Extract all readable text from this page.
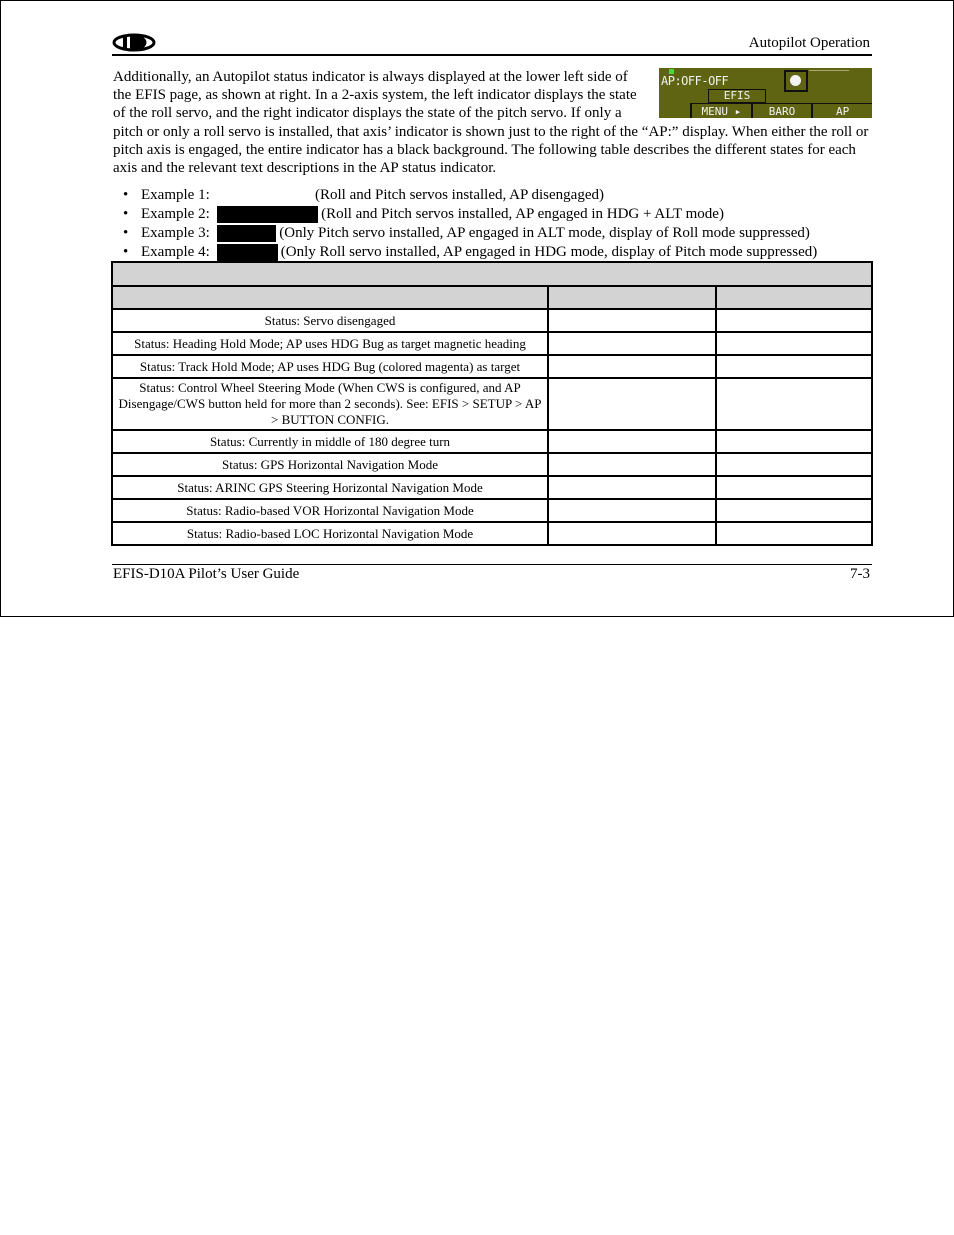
Autopilot Operation
Additionally, an Autopilot status indicator is always displayed at the lower left side of the EFIS page, as shown at right. In a 2-axis system, the left indicator displays the state of the roll servo, and the right indicator displays the state of the pitch servo. If only a pitch or only a roll servo is installed, that axis’ indicator is shown just to the right of the “AP:” display. When either the roll or pitch axis is engaged, the entire indicator has a black background. The following table describes the different states for each axis and the relevant text descriptions in the AP status indicator.
AP:OFF-OFF
EFIS
MENU ▸	BARO	AP
• Example 1:	(Roll and Pitch servos installed, AP disengaged)
• Example 2:	(Roll and Pitch servos installed, AP engaged in HDG + ALT mode)
• Example 3:	(Only Pitch servo installed, AP engaged in ALT mode, display of Roll mode suppressed)
• Example 4:	(Only Roll servo installed, AP engaged in HDG mode, display of Pitch mode suppressed)

Status: Servo disengaged		
Status: Heading Hold Mode; AP uses HDG Bug as target magnetic heading		
Status: Track Hold Mode; AP uses HDG Bug (colored magenta) as target		
Status: Control Wheel Steering Mode (When CWS is configured, and AP Disengage/CWS button held for more than 2 seconds). See: EFIS > SETUP > AP > BUTTON CONFIG.		
Status: Currently in middle of 180 degree turn		
Status: GPS Horizontal Navigation Mode		
Status: ARINC GPS Steering Horizontal Navigation Mode		
Status: Radio-based VOR Horizontal Navigation Mode		
Status: Radio-based LOC Horizontal Navigation Mode		
EFIS-D10A Pilot’s User Guide	7-3
